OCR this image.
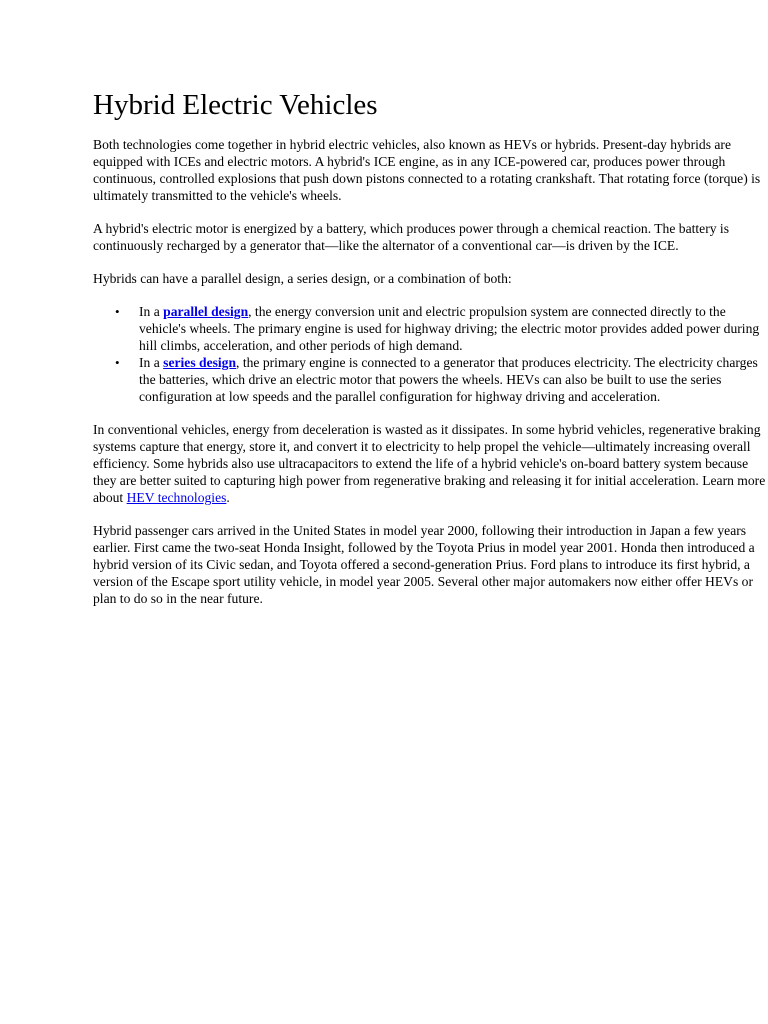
Hybrid Electric Vehicles

Both technologies come together in hybrid electric vehicles, also known as HEVs or hybrids. Present-day hybrids are equipped with ICEs and electric motors. A hybrid's ICE engine, as in any ICE-powered car, produces power through continuous, controlled explosions that push down pistons connected to a rotating crankshaft. That rotating force (torque) is ultimately transmitted to the vehicle's wheels.

A hybrid's electric motor is energized by a battery, which produces power through a chemical reaction. The battery is continuously recharged by a generator that—like the alternator of a conventional car—is driven by the ICE.

Hybrids can have a parallel design, a series design, or a combination of both:

• In a parallel design, the energy conversion unit and electric propulsion system are connected directly to the vehicle's wheels. The primary engine is used for highway driving; the electric motor provides added power during hill climbs, acceleration, and other periods of high demand.
• In a series design, the primary engine is connected to a generator that produces electricity. The electricity charges the batteries, which drive an electric motor that powers the wheels. HEVs can also be built to use the series configuration at low speeds and the parallel configuration for highway driving and acceleration.

In conventional vehicles, energy from deceleration is wasted as it dissipates. In some hybrid vehicles, regenerative braking systems capture that energy, store it, and convert it to electricity to help propel the vehicle—ultimately increasing overall efficiency. Some hybrids also use ultracapacitors to extend the life of a hybrid vehicle's on-board battery system because they are better suited to capturing high power from regenerative braking and releasing it for initial acceleration. Learn more about HEV technologies.

Hybrid passenger cars arrived in the United States in model year 2000, following their introduction in Japan a few years earlier. First came the two-seat Honda Insight, followed by the Toyota Prius in model year 2001. Honda then introduced a hybrid version of its Civic sedan, and Toyota offered a second-generation Prius. Ford plans to introduce its first hybrid, a version of the Escape sport utility vehicle, in model year 2005. Several other major automakers now either offer HEVs or plan to do so in the near future.
